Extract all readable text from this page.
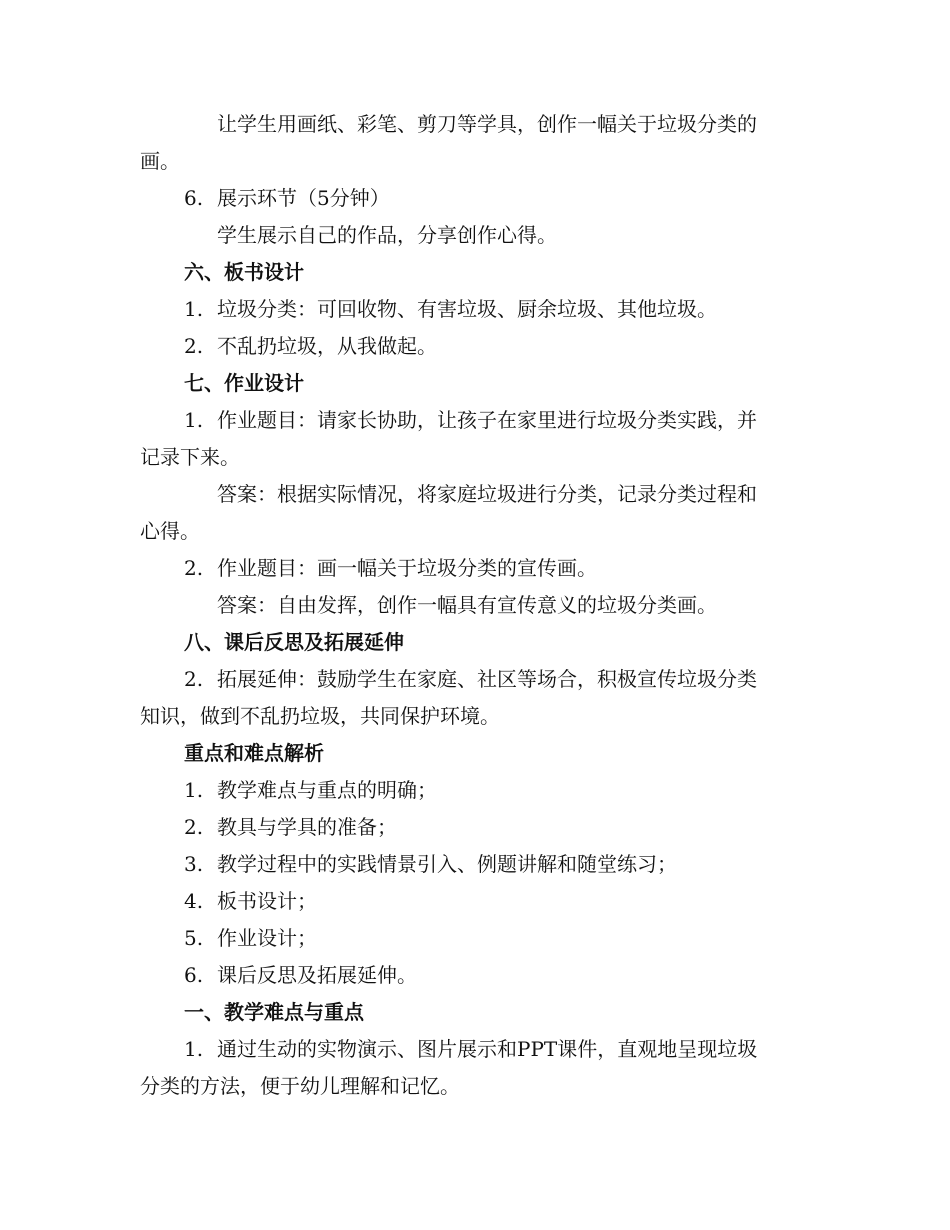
让学生用画纸、彩笔、剪刀等学具，创作一幅关于垃圾分类的
画。
6. 展示环节（5分钟）
学生展示自己的作品，分享创作心得。
六、板书设计
1. 垃圾分类：可回收物、有害垃圾、厨余垃圾、其他垃圾。
2. 不乱扔垃圾，从我做起。
七、作业设计
1. 作业题目：请家长协助，让孩子在家里进行垃圾分类实践，并
记录下来。
答案：根据实际情况，将家庭垃圾进行分类，记录分类过程和
心得。
2. 作业题目：画一幅关于垃圾分类的宣传画。
答案：自由发挥，创作一幅具有宣传意义的垃圾分类画。
八、课后反思及拓展延伸
2. 拓展延伸：鼓励学生在家庭、社区等场合，积极宣传垃圾分类
知识，做到不乱扔垃圾，共同保护环境。
重点和难点解析
1. 教学难点与重点的明确；
2. 教具与学具的准备；
3. 教学过程中的实践情景引入、例题讲解和随堂练习；
4. 板书设计；
5. 作业设计；
6. 课后反思及拓展延伸。
一、教学难点与重点
1. 通过生动的实物演示、图片展示和PPT课件，直观地呈现垃圾
分类的方法，便于幼儿理解和记忆。
